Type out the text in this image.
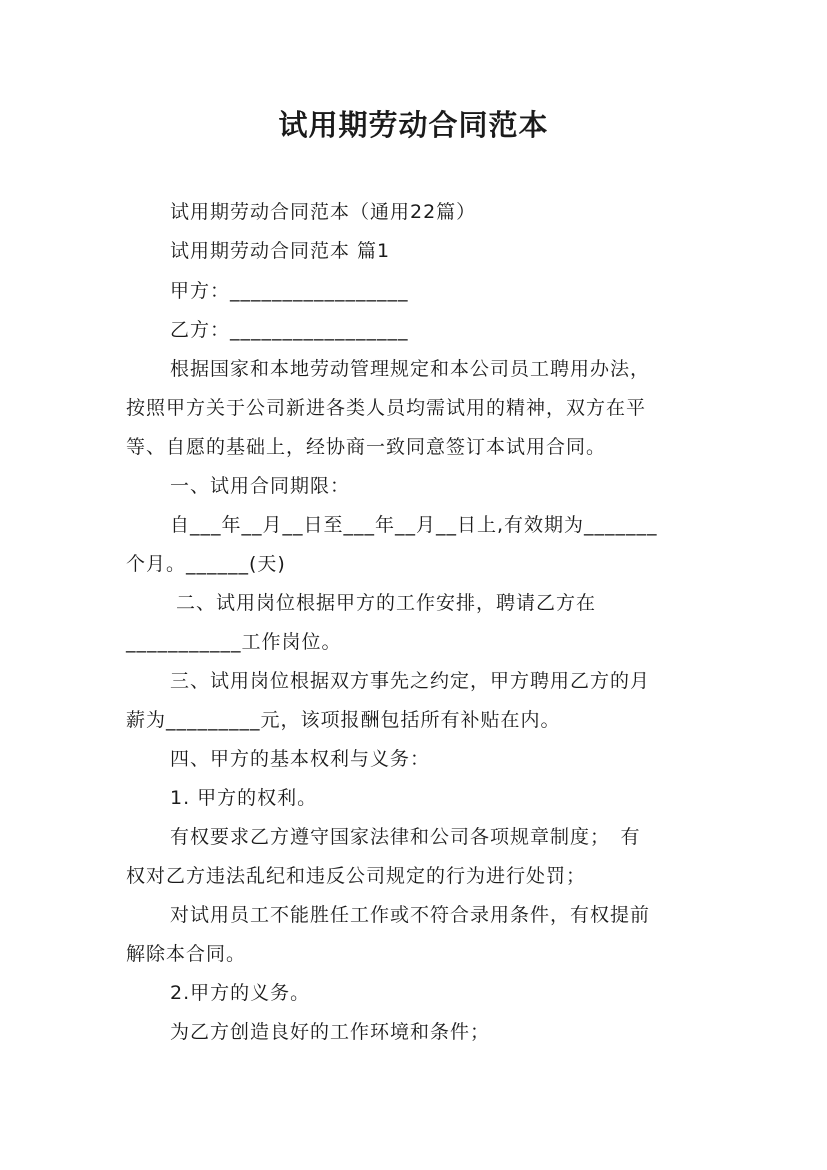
试用期劳动合同范本
试用期劳动合同范本（通用22篇）
试用期劳动合同范本 篇1
甲方：_________________
乙方：_________________
根据国家和本地劳动管理规定和本公司员工聘用办法，
按照甲方关于公司新进各类人员均需试用的精神，双方在平
等、自愿的基础上，经协商一致同意签订本试用合同。
一、试用合同期限：
自___年__月__日至___年__月__日上,有效期为_______
个月。______(天)
二、试用岗位根据甲方的工作安排，聘请乙方在
___________工作岗位。
三、试用岗位根据双方事先之约定，甲方聘用乙方的月
薪为_________元，该项报酬包括所有补贴在内。
四、甲方的基本权利与义务：
1. 甲方的权利。
有权要求乙方遵守国家法律和公司各项规章制度；　有
权对乙方违法乱纪和违反公司规定的行为进行处罚；
对试用员工不能胜任工作或不符合录用条件，有权提前
解除本合同。
2.甲方的义务。
为乙方创造良好的工作环境和条件；
